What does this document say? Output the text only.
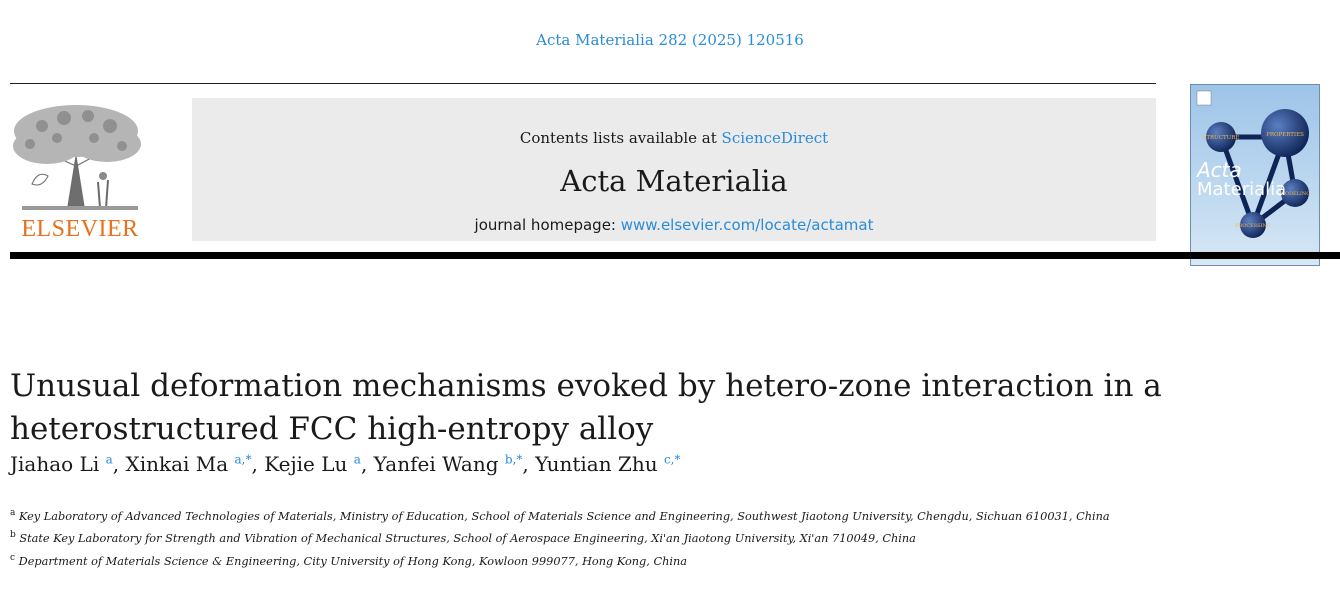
Acta Materialia 282 (2025) 120516
ELSEVIER
Contents lists available at ScienceDirect
Acta Materialia
journal homepage: www.elsevier.com/locate/actamat
STRUCTURE	PROPERTIES
MODELING
PROCESSING
Acta
Materialia
Unusual deformation mechanisms evoked by hetero-zone interaction in a
heterostructured FCC high-entropy alloy
Jiahao Li $^a$, Xinkai Ma $^{a,*}$, Kejie Lu $^a$, Yanfei Wang $^{b,*}$, Yuntian Zhu $^{c,*}$
$^a$ Key Laboratory of Advanced Technologies of Materials, Ministry of Education, School of Materials Science and Engineering, Southwest Jiaotong University, Chengdu, Sichuan 610031, China
$^b$ State Key Laboratory for Strength and Vibration of Mechanical Structures, School of Aerospace Engineering, Xi'an Jiaotong University, Xi'an 710049, China
$^c$ Department of Materials Science & Engineering, City University of Hong Kong, Kowloon 999077, Hong Kong, China
